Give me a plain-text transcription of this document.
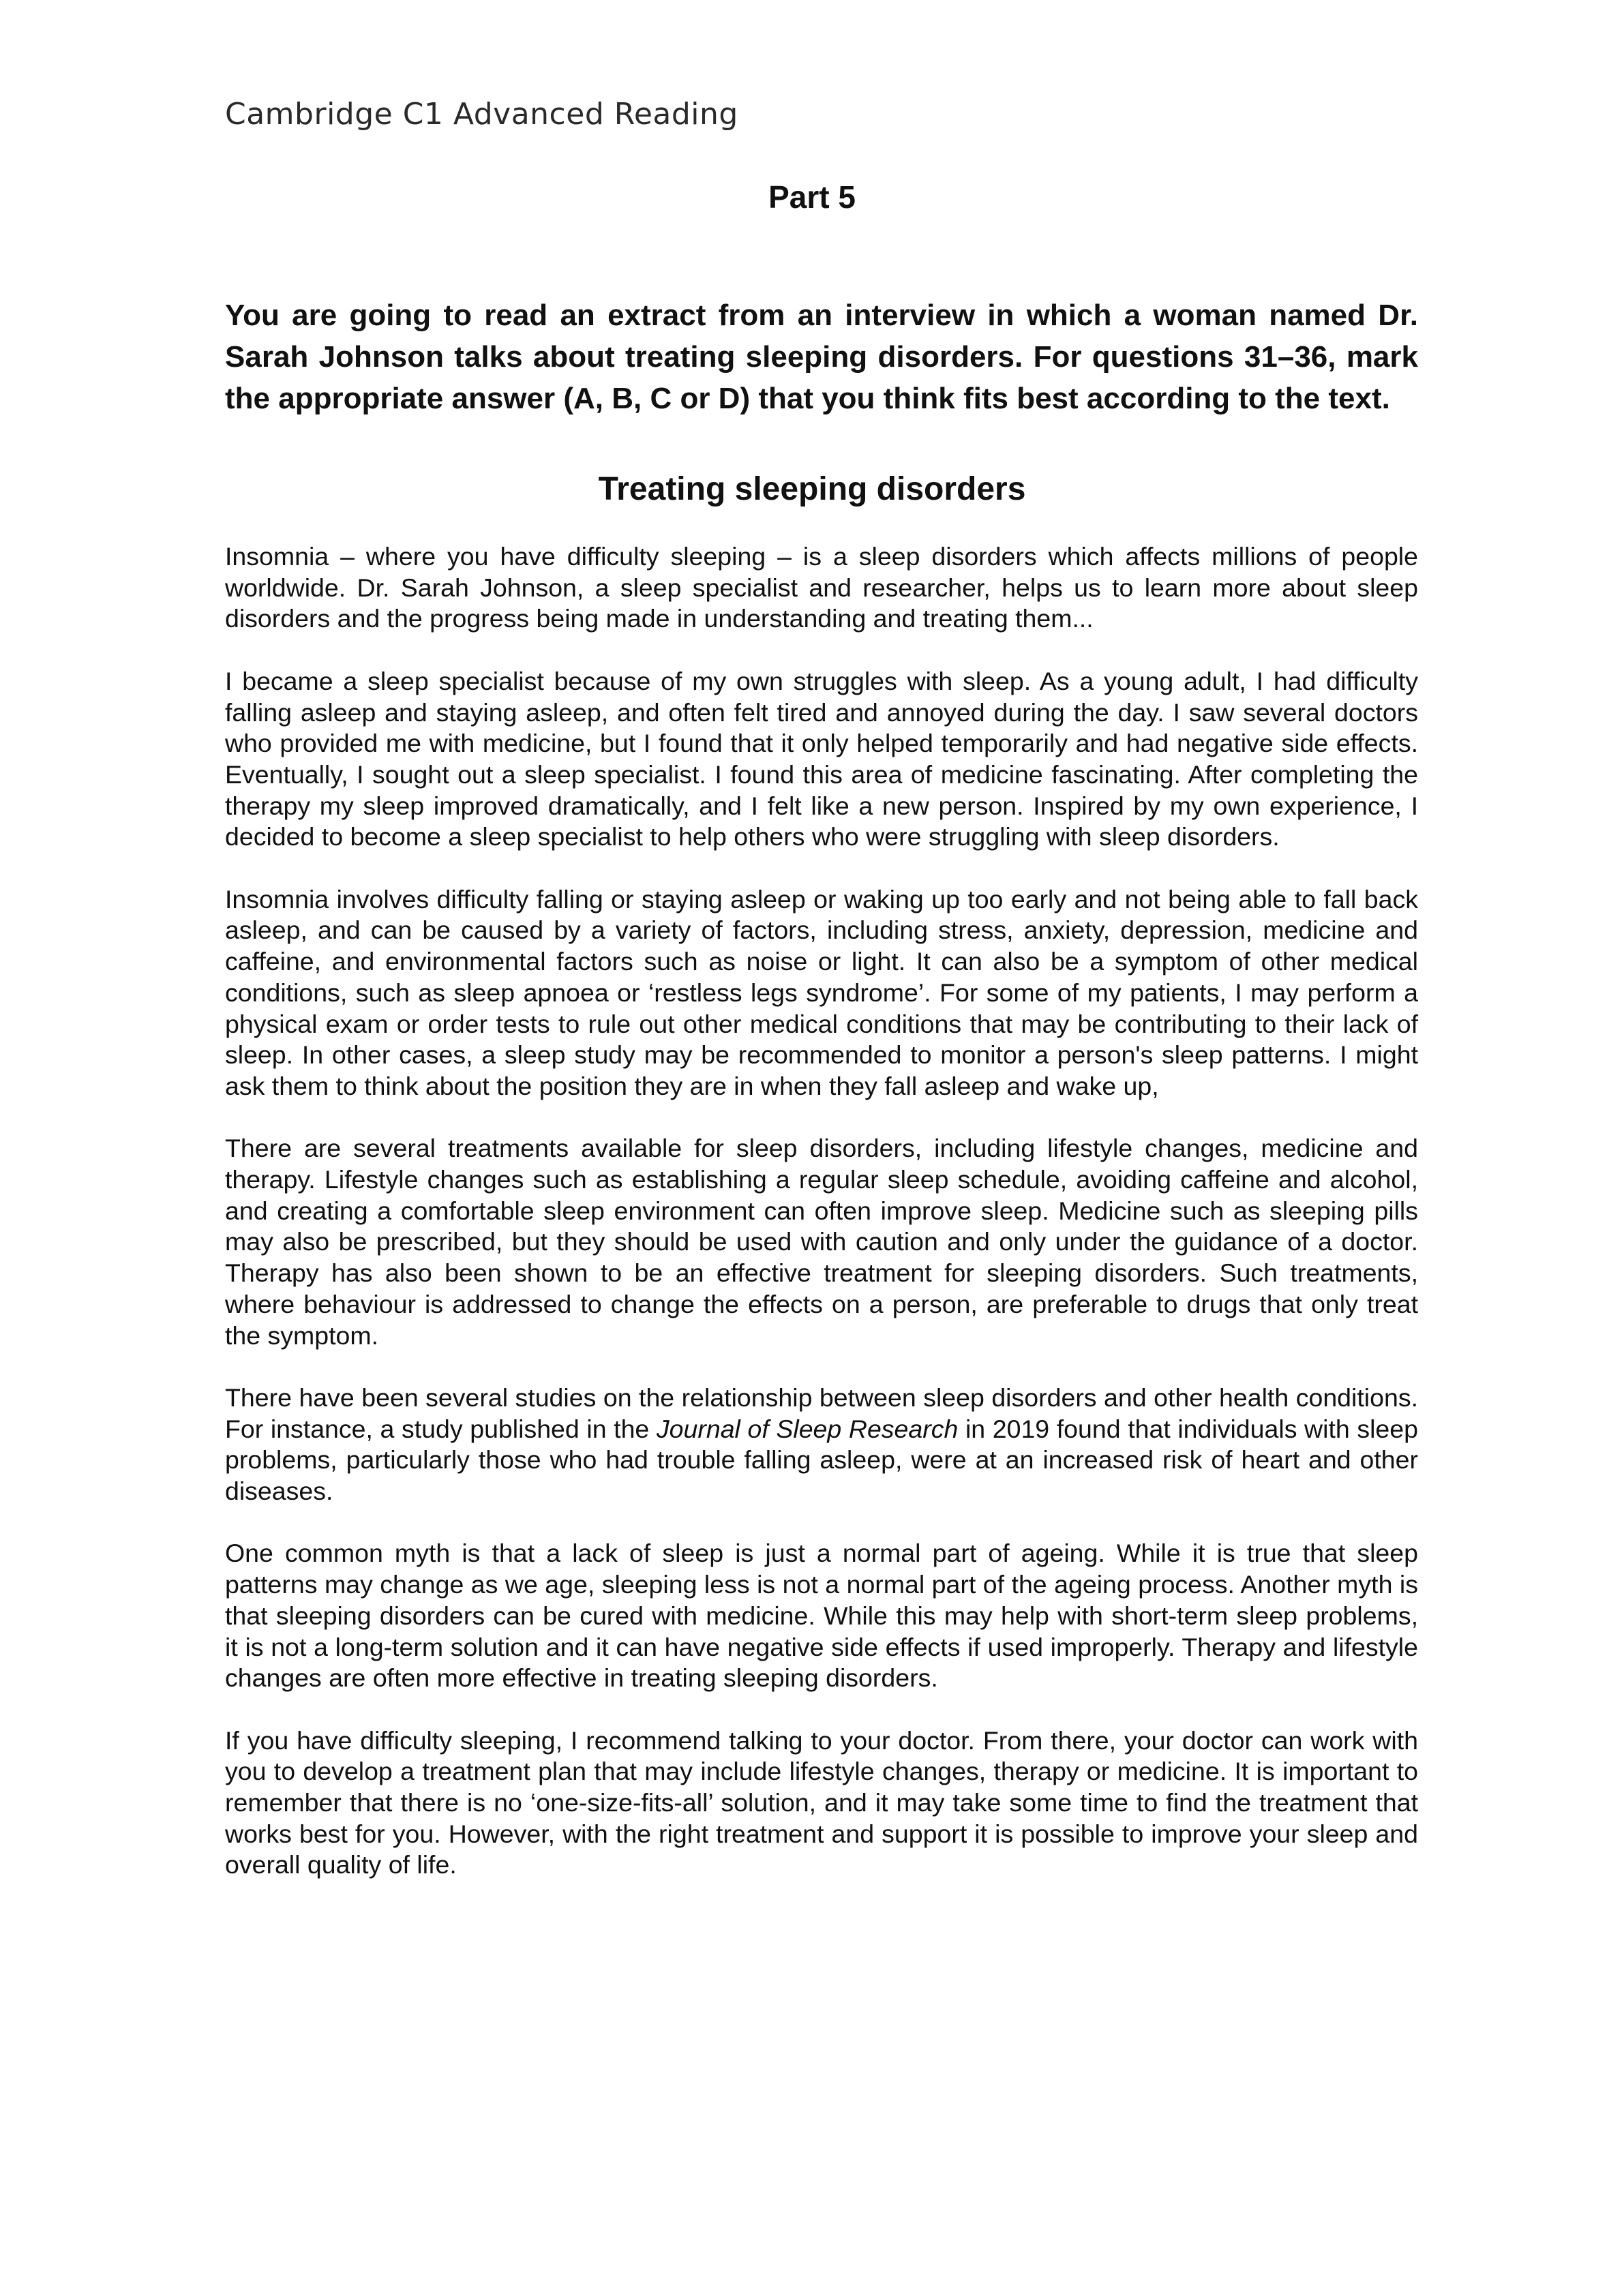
Cambridge C1 Advanced Reading
Part 5
You are going to read an extract from an interview in which a woman named Dr. Sarah Johnson talks about treating sleeping disorders. For questions 31–36, mark the appropriate answer (A, B, C or D) that you think fits best according to the text.
Treating sleeping disorders

Insomnia – where you have difficulty sleeping – is a sleep disorders which affects millions of people worldwide. Dr. Sarah Johnson, a sleep specialist and researcher, helps us to learn more about sleep disorders and the progress being made in understanding and treating them...

I became a sleep specialist because of my own struggles with sleep. As a young adult, I had difficulty falling asleep and staying asleep, and often felt tired and annoyed during the day. I saw several doctors who provided me with medicine, but I found that it only helped temporarily and had negative side effects. Eventually, I sought out a sleep specialist. I found this area of medicine fascinating. After completing the therapy my sleep improved dramatically, and I felt like a new person. Inspired by my own experience, I decided to become a sleep specialist to help others who were struggling with sleep disorders.

Insomnia involves difficulty falling or staying asleep or waking up too early and not being able to fall back asleep, and can be caused by a variety of factors, including stress, anxiety, depression, medicine and caffeine, and environmental factors such as noise or light. It can also be a symptom of other medical conditions, such as sleep apnoea or ‘restless legs syndrome’. For some of my patients, I may perform a physical exam or order tests to rule out other medical conditions that may be contributing to their lack of sleep. In other cases, a sleep study may be recommended to monitor a person's sleep patterns. I might ask them to think about the position they are in when they fall asleep and wake up,

There are several treatments available for sleep disorders, including lifestyle changes, medicine and therapy. Lifestyle changes such as establishing a regular sleep schedule, avoiding caffeine and alcohol, and creating a comfortable sleep environment can often improve sleep. Medicine such as sleeping pills may also be prescribed, but they should be used with caution and only under the guidance of a doctor. Therapy has also been shown to be an effective treatment for sleeping disorders. Such treatments, where behaviour is addressed to change the effects on a person, are preferable to drugs that only treat the symptom.

There have been several studies on the relationship between sleep disorders and other health conditions. For instance, a study published in the Journal of Sleep Research in 2019 found that individuals with sleep problems, particularly those who had trouble falling asleep, were at an increased risk of heart and other diseases.

One common myth is that a lack of sleep is just a normal part of ageing. While it is true that sleep patterns may change as we age, sleeping less is not a normal part of the ageing process. Another myth is that sleeping disorders can be cured with medicine. While this may help with short-term sleep problems, it is not a long-term solution and it can have negative side effects if used improperly. Therapy and lifestyle changes are often more effective in treating sleeping disorders.

If you have difficulty sleeping, I recommend talking to your doctor. From there, your doctor can work with you to develop a treatment plan that may include lifestyle changes, therapy or medicine. It is important to remember that there is no ‘one-size-fits-all’ solution, and it may take some time to find the treatment that works best for you. However, with the right treatment and support it is possible to improve your sleep and overall quality of life.
